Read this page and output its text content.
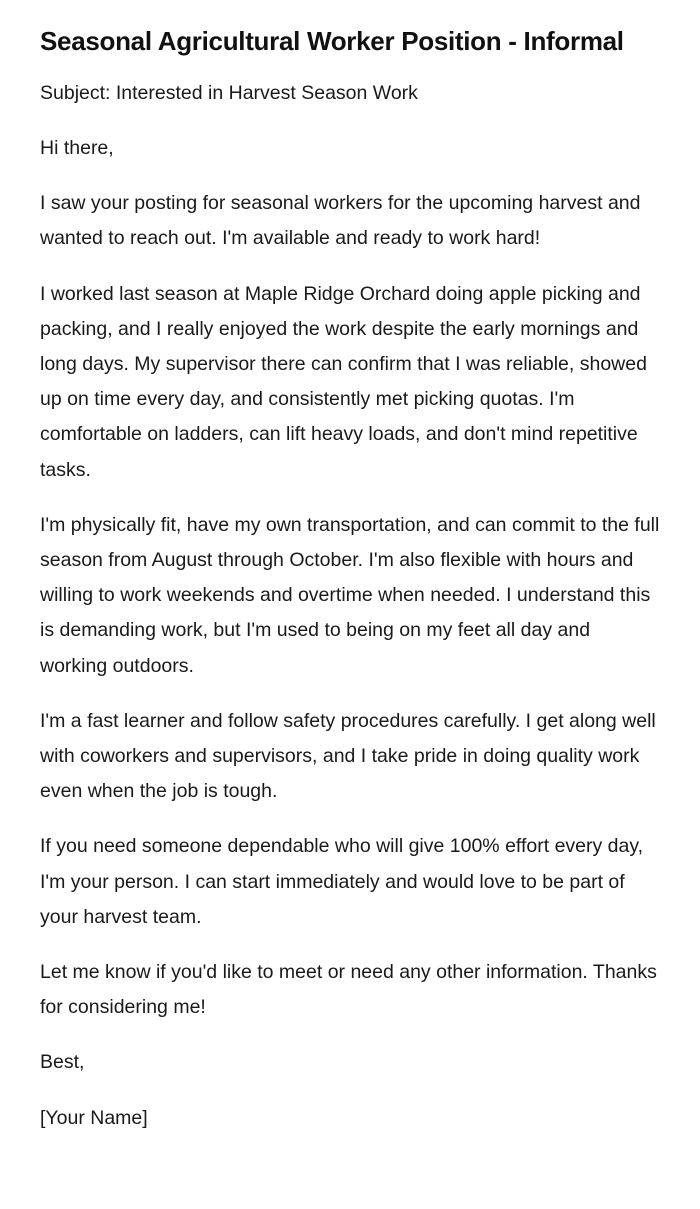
Seasonal Agricultural Worker Position - Informal

Subject: Interested in Harvest Season Work

Hi there,

I saw your posting for seasonal workers for the upcoming harvest and wanted to reach out. I'm available and ready to work hard!

I worked last season at Maple Ridge Orchard doing apple picking and packing, and I really enjoyed the work despite the early mornings and long days. My supervisor there can confirm that I was reliable, showed up on time every day, and consistently met picking quotas. I'm comfortable on ladders, can lift heavy loads, and don't mind repetitive tasks.

I'm physically fit, have my own transportation, and can commit to the full season from August through October. I'm also flexible with hours and willing to work weekends and overtime when needed. I understand this is demanding work, but I'm used to being on my feet all day and working outdoors.

I'm a fast learner and follow safety procedures carefully. I get along well with coworkers and supervisors, and I take pride in doing quality work even when the job is tough.

If you need someone dependable who will give 100% effort every day, I'm your person. I can start immediately and would love to be part of your harvest team.

Let me know if you'd like to meet or need any other information. Thanks for considering me!

Best,

[Your Name]
